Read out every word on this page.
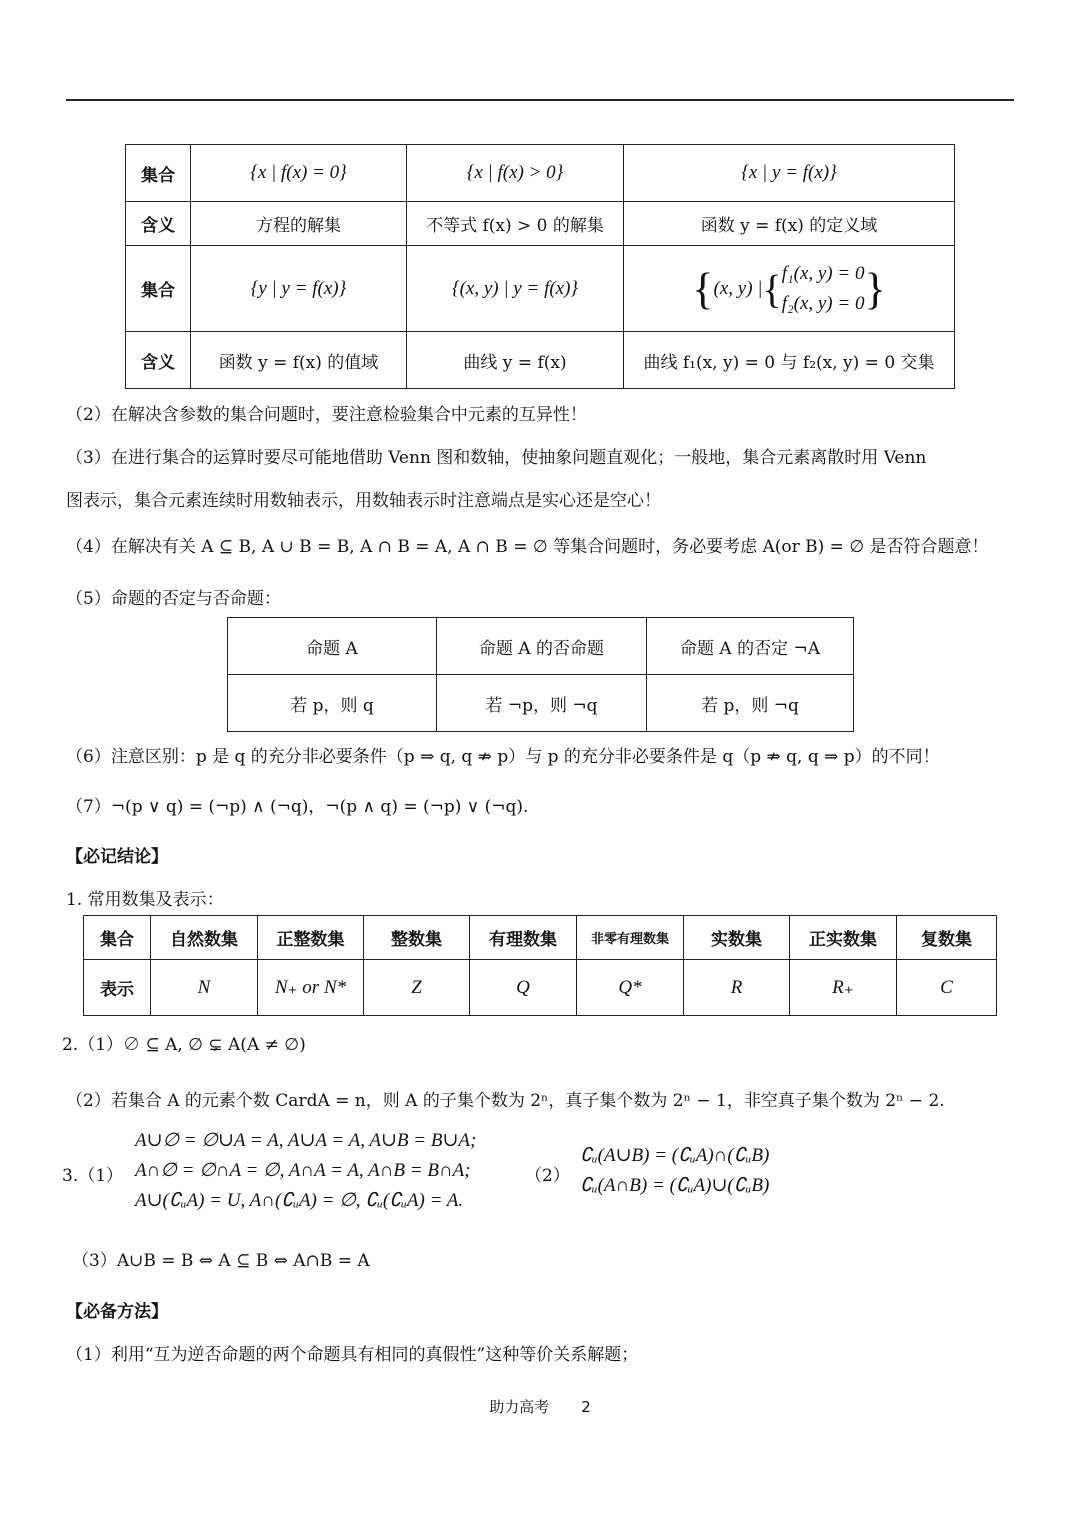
集合	{x | f(x) = 0}	{x | f(x) > 0}	{x | y = f(x)}
含义	方程的解集	不等式 f(x) > 0 的解集	函数 y = f(x) 的定义域
集合	{y | y = f(x)}	{(x, y) | y = f(x)}	{(x, y) |{f₁(x, y) = 0
f₂(x, y) = 0}
含义	函数 y = f(x) 的值域	曲线 y = f(x)	曲线 f₁(x, y) = 0 与 f₂(x, y) = 0 交集
（2）在解决含参数的集合问题时，要注意检验集合中元素的互异性！
（3）在进行集合的运算时要尽可能地借助 Venn 图和数轴，使抽象问题直观化；一般地，集合元素离散时用 Venn
图表示，集合元素连续时用数轴表示，用数轴表示时注意端点是实心还是空心！
（4）在解决有关 A ⊆ B, A ∪ B = B, A ∩ B = A, A ∩ B = ∅ 等集合问题时，务必要考虑 A(or B) = ∅ 是否符合题意！
（5）命题的否定与否命题：
命题 A	命题 A 的否命题	命题 A 的否定 ¬A
若 p，则 q	若 ¬p，则 ¬q	若 p，则 ¬q
（6）注意区别：p 是 q 的充分非必要条件（p ⇒ q, q ⇏ p）与 p 的充分非必要条件是 q（p ⇏ q, q ⇒ p）的不同！
（7）¬(p ∨ q) = (¬p) ∧ (¬q)，¬(p ∧ q) = (¬p) ∨ (¬q).
【必记结论】
1. 常用数集及表示：
集合	自然数集	正整数集	整数集	有理数集	非零有理数集	实数集	正实数集	复数集
表示	N	N₊ or N*	Z	Q	Q*	R	R₊	C
2.（1）∅ ⊆ A, ∅ ⊊ A(A ≠ ∅)
（2）若集合 A 的元素个数 CardA = n，则 A 的子集个数为 2ⁿ，真子集个数为 2ⁿ − 1，非空真子集个数为 2ⁿ − 2.
3.（1）
A∪∅ = ∅∪A = A, A∪A = A, A∪B = B∪A;
A∩∅ = ∅∩A = ∅, A∩A = A, A∩B = B∩A;
A∪(∁ᵤA) = U, A∩(∁ᵤA) = ∅, ∁ᵤ(∁ᵤA) = A.
（2）
∁ᵤ(A∪B) = (∁ᵤA)∩(∁ᵤB)
∁ᵤ(A∩B) = (∁ᵤA)∪(∁ᵤB)
（3）A∪B = B ⇔ A ⊆ B ⇔ A∩B = A
【必备方法】
（1）利用“互为逆否命题的两个命题具有相同的真假性”这种等价关系解题；
助力高考 2
